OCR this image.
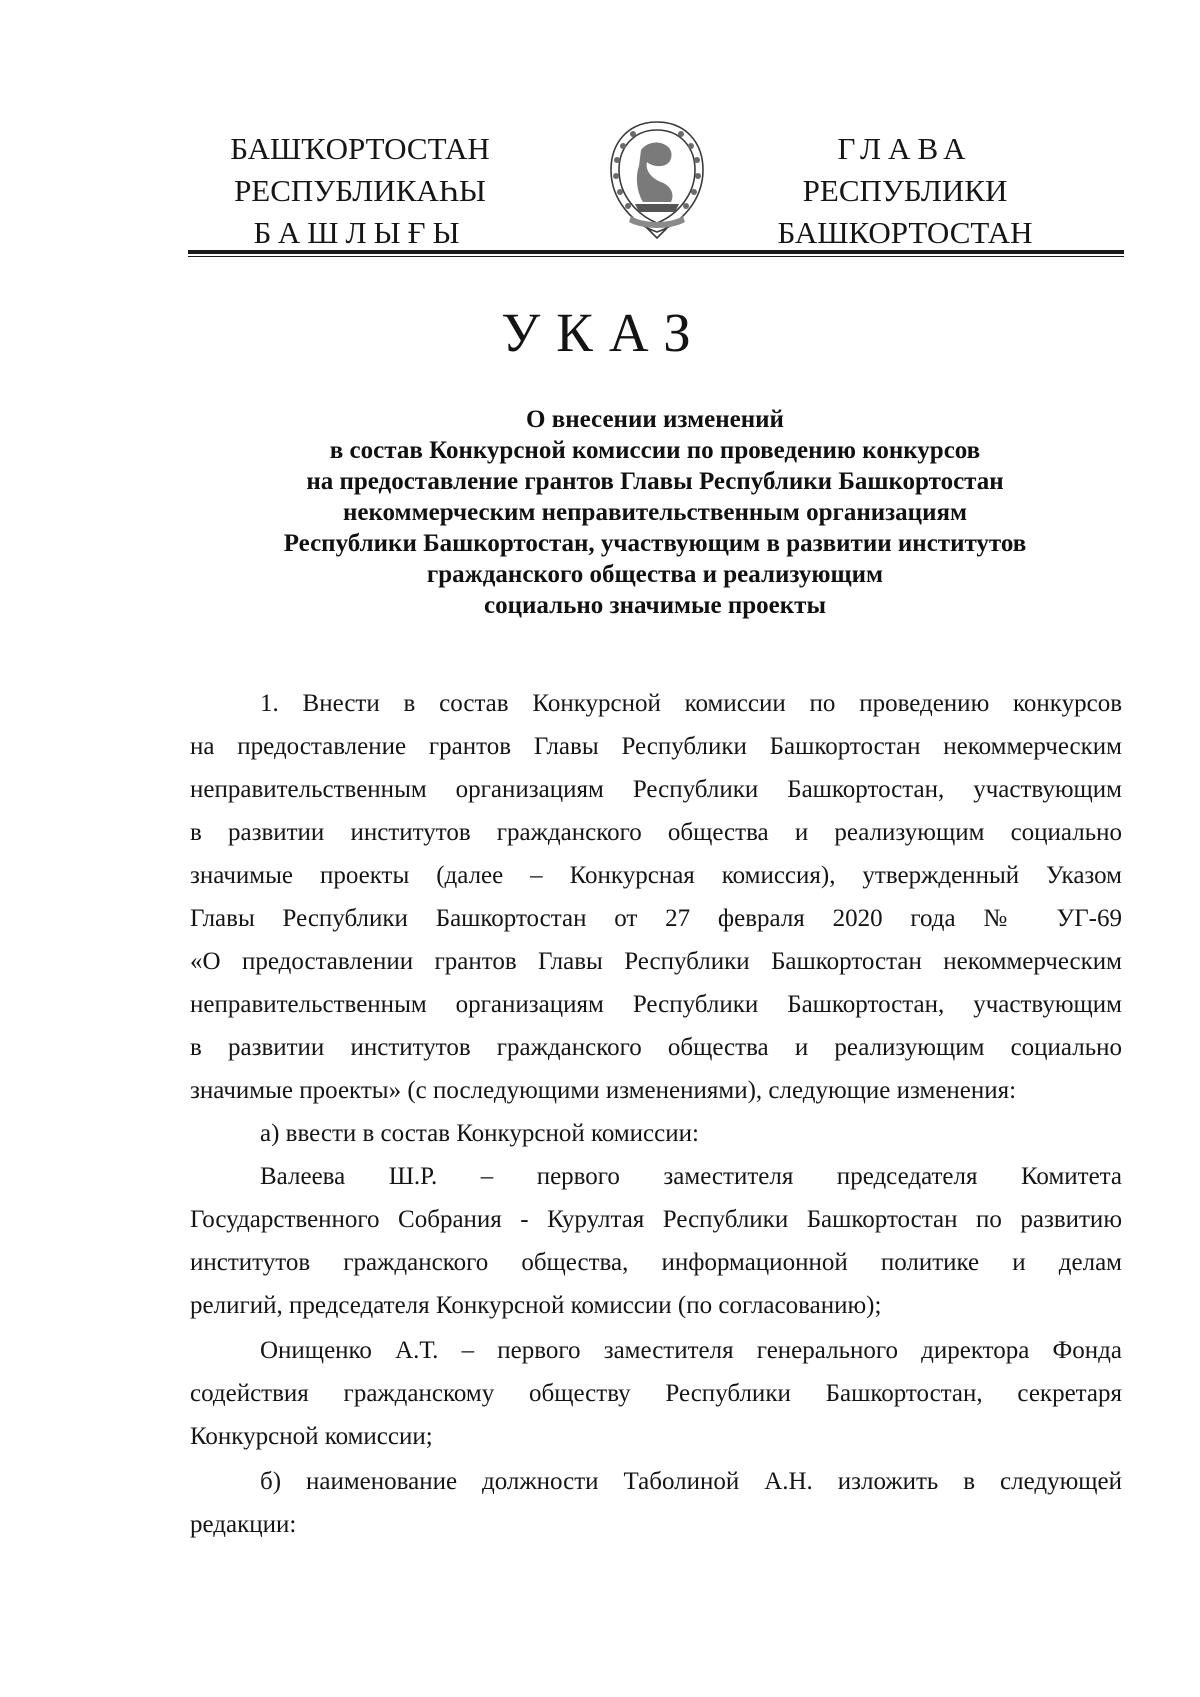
БАШҠОРТОСТАН
РЕСПУБЛИКАҺЫ
БАШЛЫҒЫ
ГЛАВА
РЕСПУБЛИКИ
БАШКОРТОСТАН
УКАЗ
О внесении изменений
в состав Конкурсной комиссии по проведению конкурсов
на предоставление грантов Главы Республики Башкортостан
некоммерческим неправительственным организациям
Республики Башкортостан, участвующим в развитии институтов
гражданского общества и реализующим
социально значимые проекты
1. Внести в состав Конкурсной комиссии по проведению конкурсов
на предоставление грантов Главы Республики Башкортостан некоммерческим
неправительственным организациям Республики Башкортостан, участвующим
в развитии институтов гражданского общества и реализующим социально
значимые проекты (далее – Конкурсная комиссия), утвержденный Указом
Главы Республики Башкортостан от 27 февраля 2020 года № УГ-69
«О предоставлении грантов Главы Республики Башкортостан некоммерческим
неправительственным организациям Республики Башкортостан, участвующим
в развитии институтов гражданского общества и реализующим социально
значимые проекты» (с последующими изменениями), следующие изменения:
а) ввести в состав Конкурсной комиссии:
Валеева Ш.Р. – первого заместителя председателя Комитета
Государственного Собрания - Курултая Республики Башкортостан по развитию
институтов гражданского общества, информационной политике и делам
религий, председателя Конкурсной комиссии (по согласованию);
Онищенко А.Т. – первого заместителя генерального директора Фонда
содействия гражданскому обществу Республики Башкортостан, секретаря
Конкурсной комиссии;
б) наименование должности Таболиной А.Н. изложить в следующей
редакции:
